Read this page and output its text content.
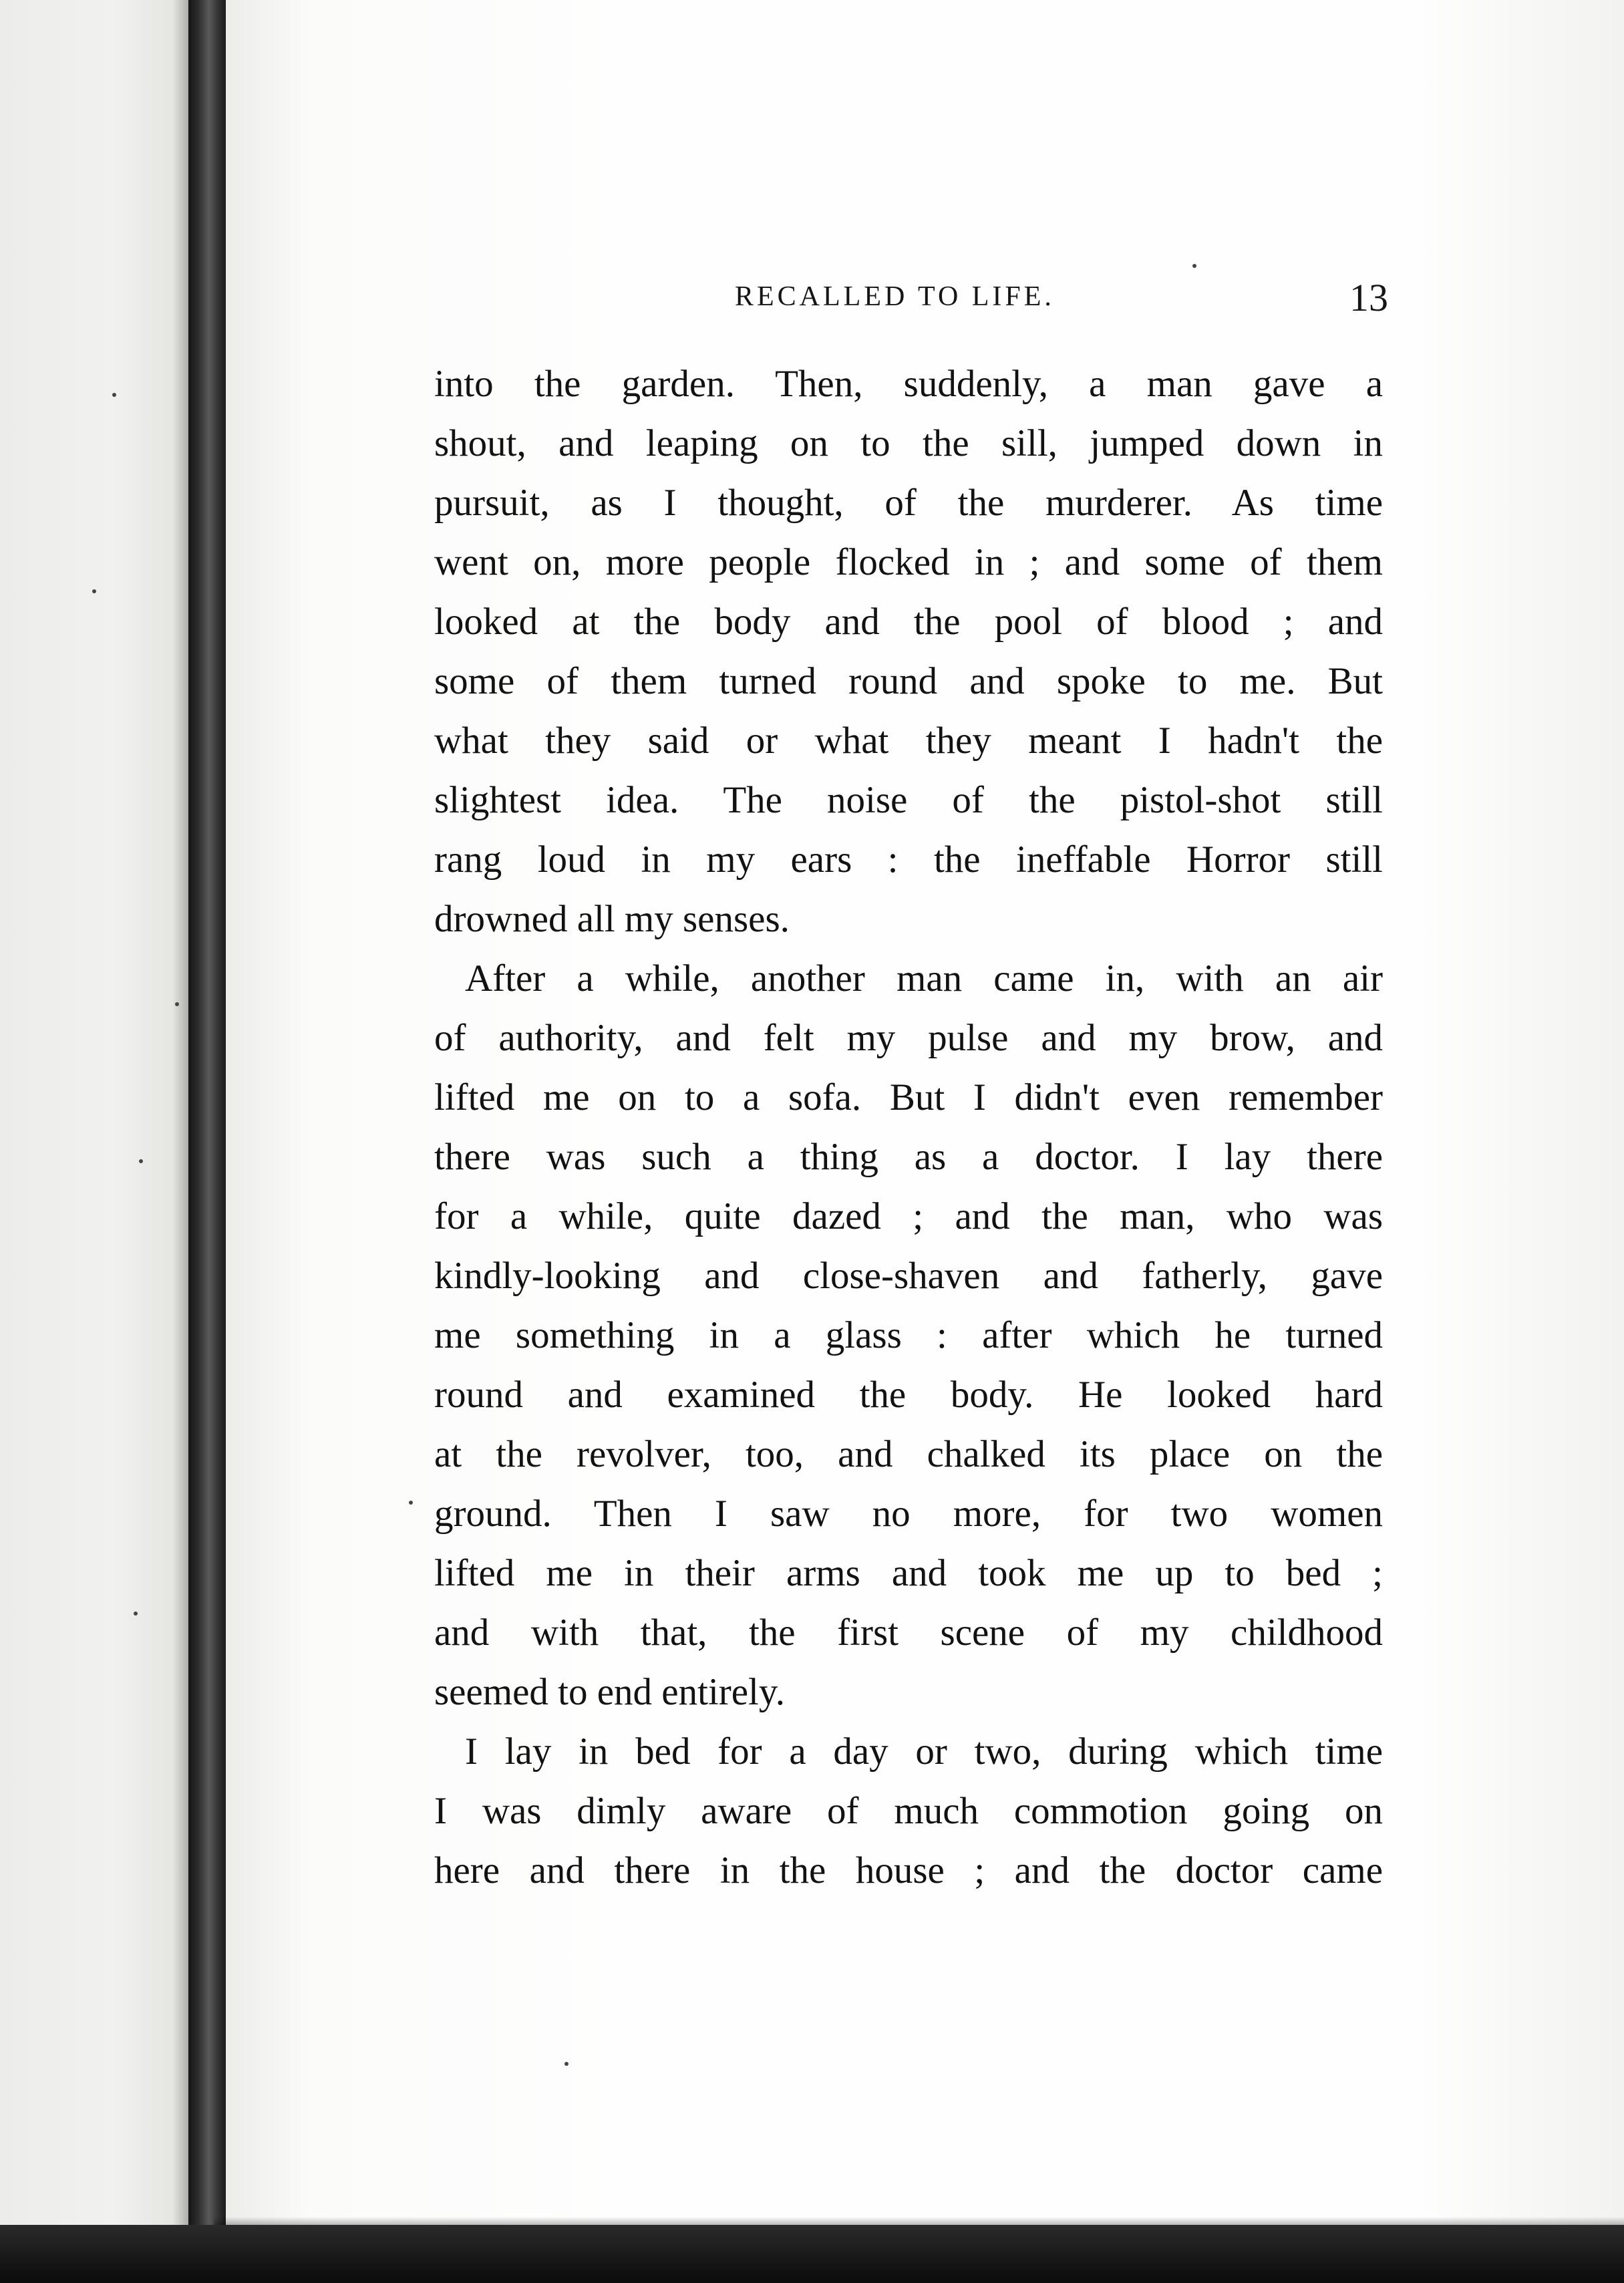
RECALLED TO LIFE.	13
into the garden. Then, suddenly, a man gave a
shout, and leaping on to the sill, jumped down in
pursuit, as I thought, of the murderer. As time
went on, more people flocked in ; and some of them
looked at the body and the pool of blood ; and
some of them turned round and spoke to me. But
what they said or what they meant I hadn't the
slightest idea. The noise of the pistol-shot still
rang loud in my ears : the ineffable Horror still
drowned all my senses.
After a while, another man came in, with an air
of authority, and felt my pulse and my brow, and
lifted me on to a sofa. But I didn't even remember
there was such a thing as a doctor. I lay there
for a while, quite dazed ; and the man, who was
kindly-looking and close-shaven and fatherly, gave
me something in a glass : after which he turned
round and examined the body. He looked hard
at the revolver, too, and chalked its place on the
ground. Then I saw no more, for two women
lifted me in their arms and took me up to bed ;
and with that, the first scene of my childhood
seemed to end entirely.
I lay in bed for a day or two, during which time
I was dimly aware of much commotion going on
here and there in the house ; and the doctor came
